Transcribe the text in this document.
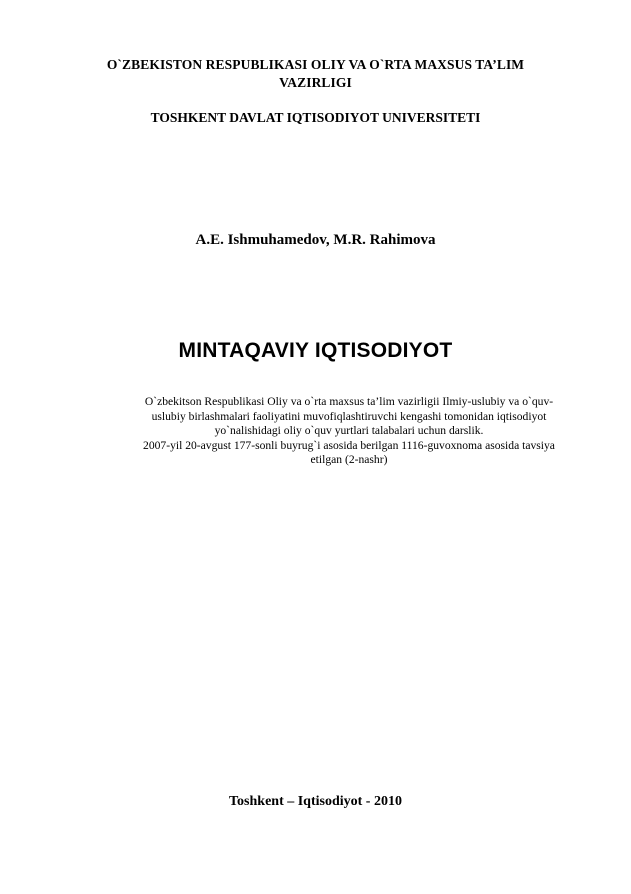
O`ZBEKISTON RESPUBLIKASI OLIY VA O`RTA MAXSUS TA’LIM
VAZIRLIGI
TOSHKENT DAVLAT IQTISODIYOT UNIVERSITETI
A.E. Ishmuhamedov, M.R. Rahimova
MINTAQAVIY IQTISODIYOT
O`zbekitson Respublikasi Oliy va o`rta maxsus ta’lim vazirligii Ilmiy-uslubiy va o`quv-
uslubiy birlashmalari faoliyatini muvofiqlashtiruvchi kengashi tomonidan iqtisodiyot
yo`nalishidagi oliy o`quv yurtlari talabalari uchun darslik.
2007-yil 20-avgust 177-sonli buyrug`i asosida berilgan 1116-guvoxnoma asosida tavsiya
etilgan (2-nashr)
Toshkent – Iqtisodiyot - 2010
